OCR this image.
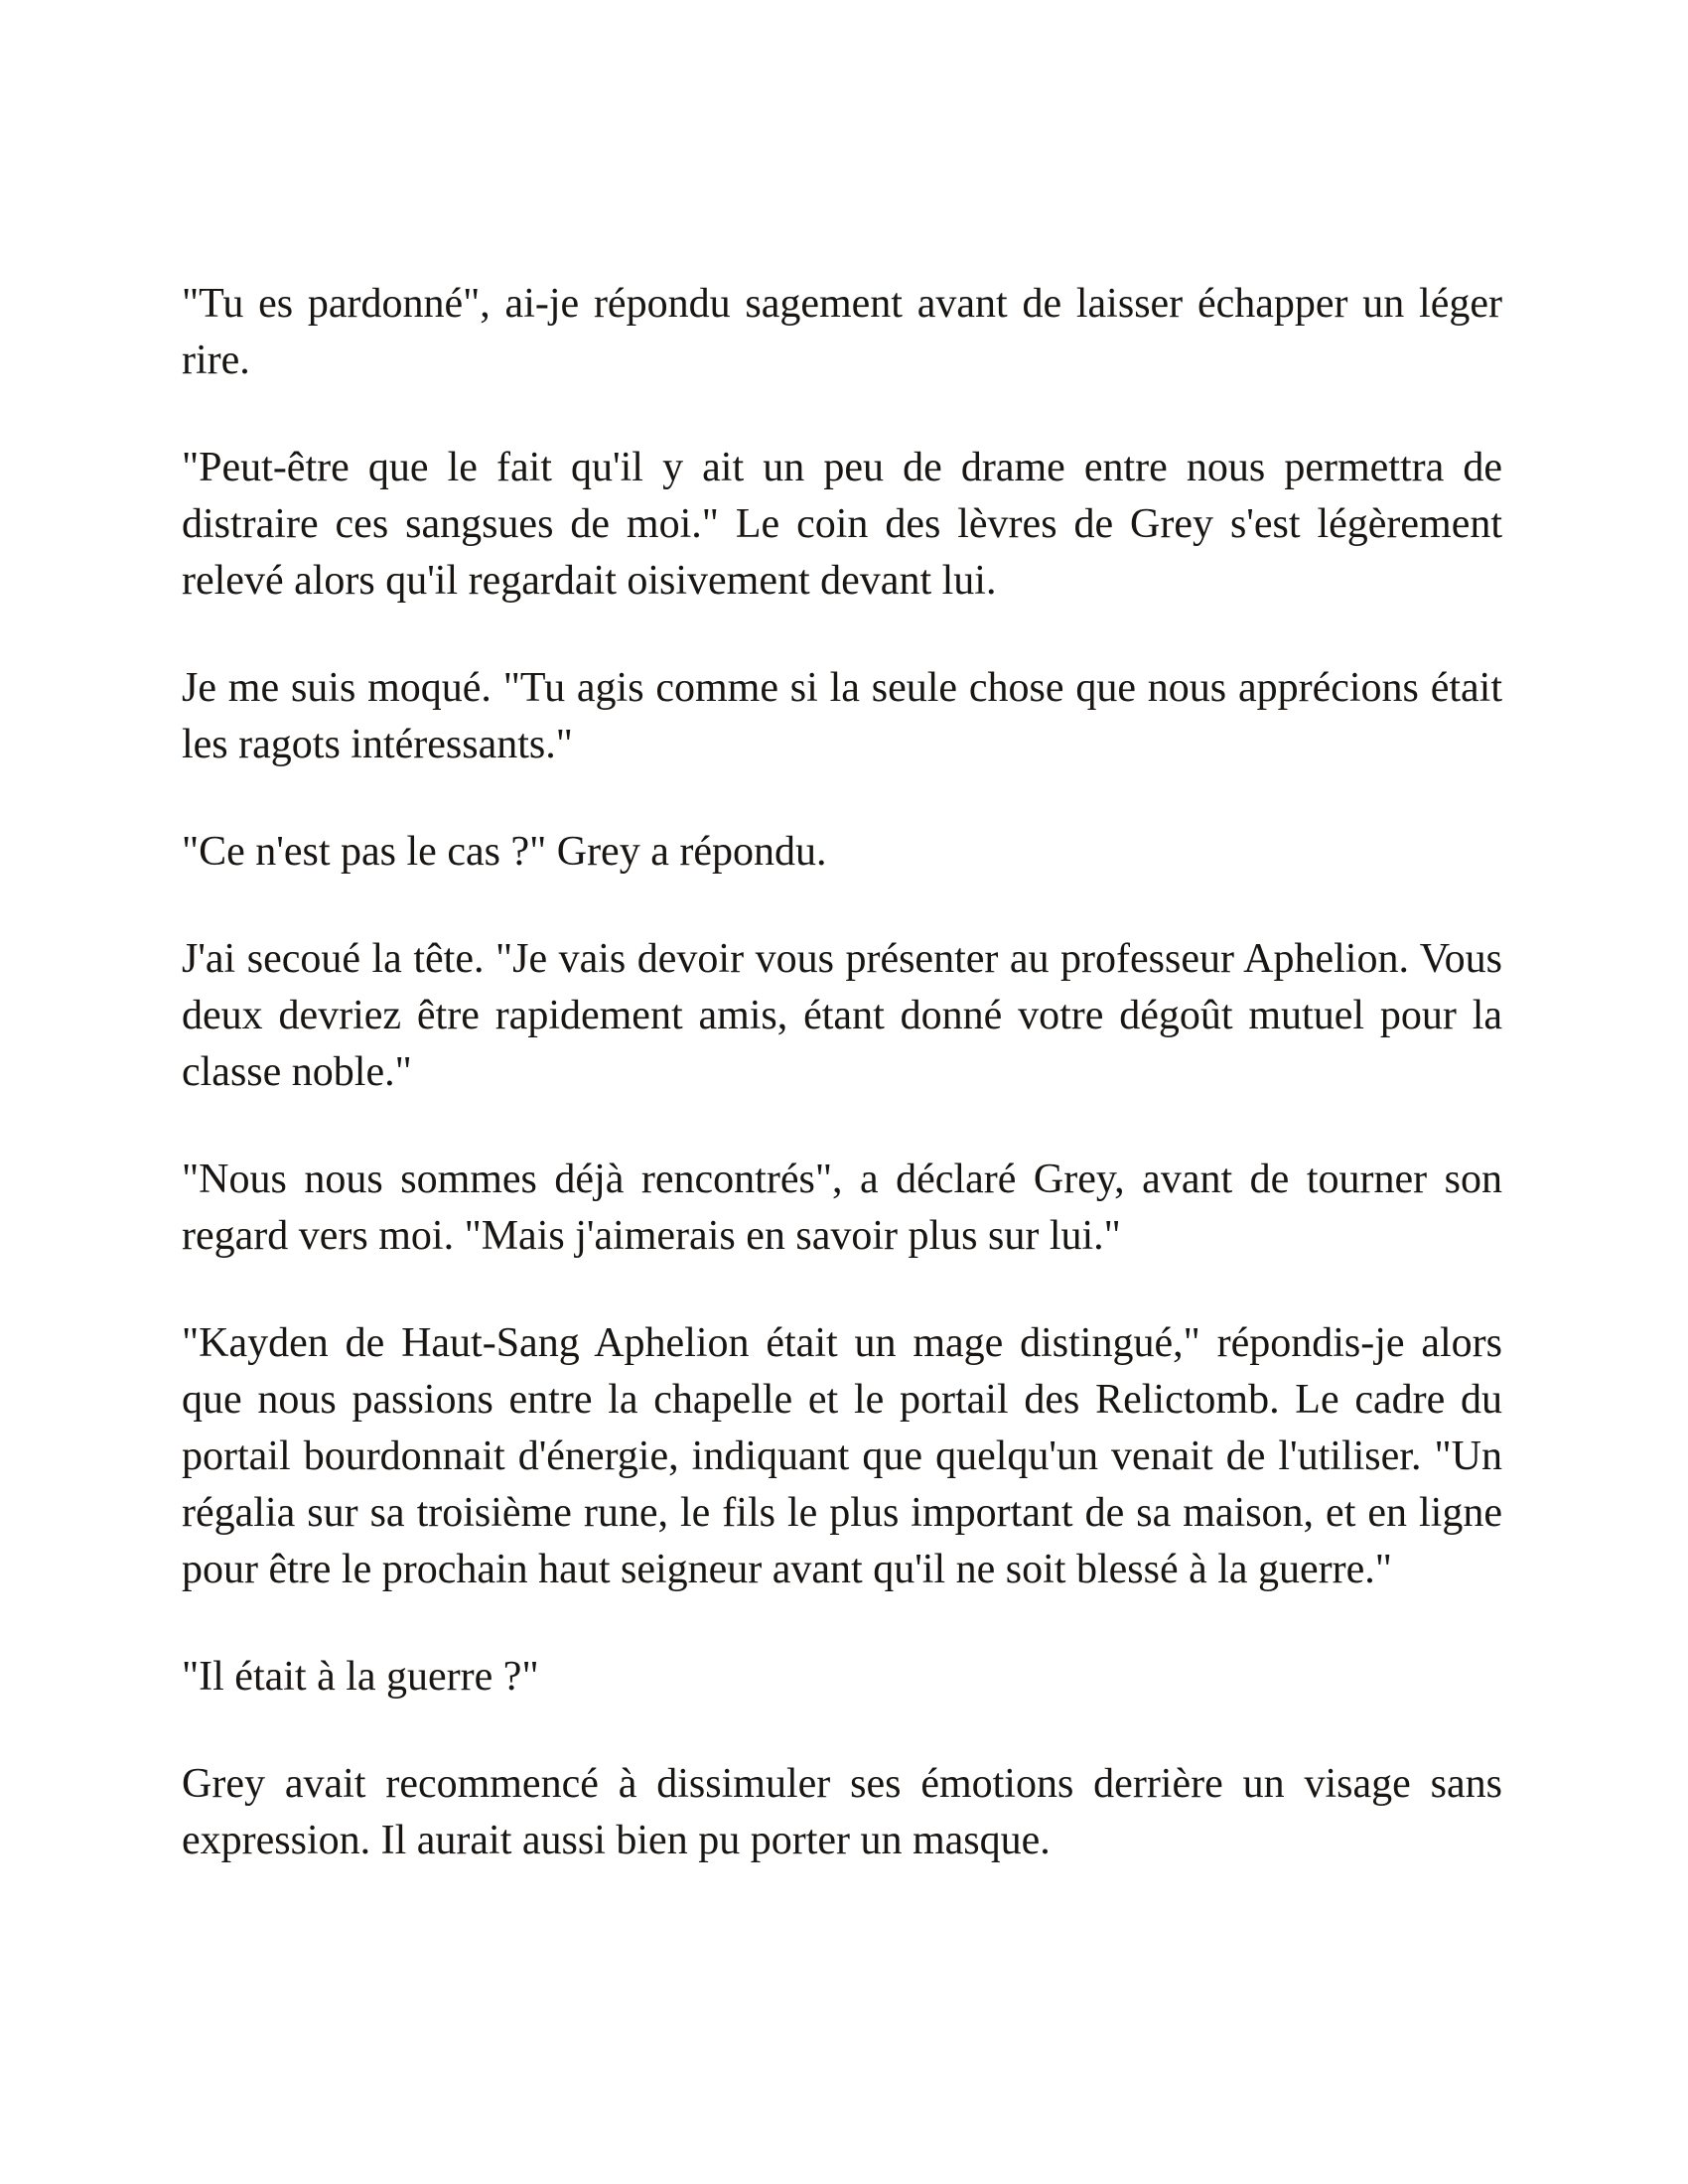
"Tu es pardonné", ai-je répondu sagement avant de laisser échapper un léger rire.

"Peut-être que le fait qu'il y ait un peu de drame entre nous permettra de distraire ces sangsues de moi." Le coin des lèvres de Grey s'est légèrement relevé alors qu'il regardait oisivement devant lui.

Je me suis moqué. "Tu agis comme si la seule chose que nous apprécions était les ragots intéressants."

"Ce n'est pas le cas ?" Grey a répondu.

J'ai secoué la tête. "Je vais devoir vous présenter au professeur Aphelion. Vous deux devriez être rapidement amis, étant donné votre dégoût mutuel pour la classe noble."

"Nous nous sommes déjà rencontrés", a déclaré Grey, avant de tourner son regard vers moi. "Mais j'aimerais en savoir plus sur lui."

"Kayden de Haut-Sang Aphelion était un mage distingué," répondis-je alors que nous passions entre la chapelle et le portail des Relictomb. Le cadre du portail bourdonnait d'énergie, indiquant que quelqu'un venait de l'utiliser. "Un régalia sur sa troisième rune, le fils le plus important de sa maison, et en ligne pour être le prochain haut seigneur avant qu'il ne soit blessé à la guerre."

"Il était à la guerre ?"

Grey avait recommencé à dissimuler ses émotions derrière un visage sans expression. Il aurait aussi bien pu porter un masque.
